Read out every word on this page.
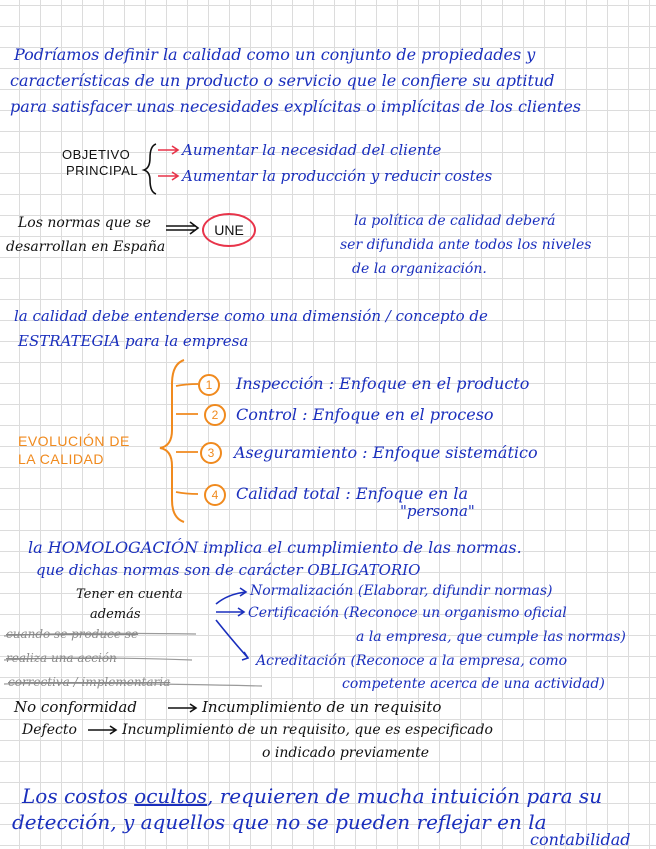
Podríamos definir la calidad como un conjunto de propiedades y
características de un producto o servicio que le confiere su aptitud
para satisfacer unas necesidades explícitas o implícitas de los clientes
OBJETIVO
PRINCIPAL
Aumentar la necesidad del cliente
Aumentar la producción y reducir costes
Los normas que se
desarrollan en España
UNE
la política de calidad deberá
ser difundida ante todos los niveles
de la organización.
la calidad debe entenderse como una dimensión / concepto de
ESTRATEGIA para la empresa
EVOLUCIÓN DE
LA CALIDAD
1	Inspección : Enfoque en el producto
2	Control : Enfoque en el proceso
3	Aseguramiento : Enfoque sistemático
4	Calidad total : Enfoque en la
"persona"
la HOMOLOGACIÓN implica el cumplimiento de las normas.
que dichas normas son de carácter OBLIGATORIO
Tener en cuenta
además
Normalización (Elaborar, difundir normas)
Certificación (Reconoce un organismo oficial
a la empresa, que cumple las normas)
Acreditación (Reconoce a la empresa, como
competente acerca de una actividad)
cuando se produce se
realiza una acción
correctiva / implementaria
No conformidad	Incumplimiento de un requisito
Defecto	Incumplimiento de un requisito, que es especificado
o indicado previamente
Los costos ocultos, requieren de mucha intuición para su
detección, y aquellos que no se pueden reflejar en la
contabilidad
